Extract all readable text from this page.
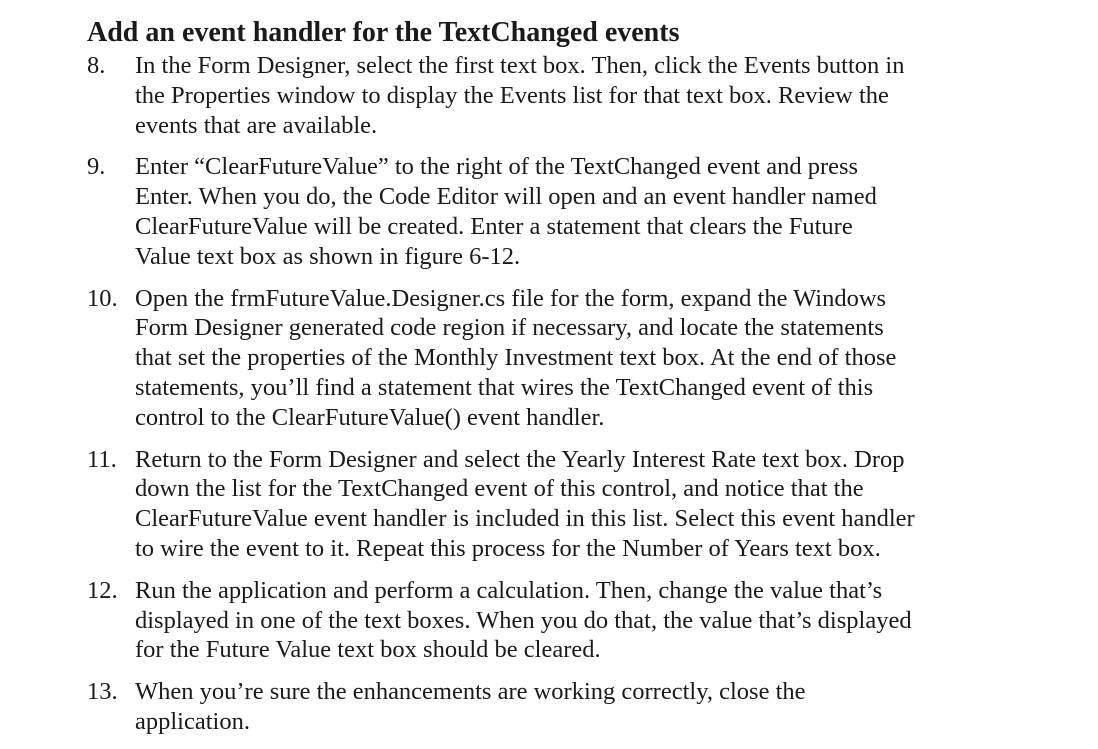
Add an event handler for the TextChanged events
8. In the Form Designer, select the first text box. Then, click the Events button in
the Properties window to display the Events list for that text box. Review the
events that are available.
9. Enter “ClearFutureValue” to the right of the TextChanged event and press
Enter. When you do, the Code Editor will open and an event handler named
ClearFutureValue will be created. Enter a statement that clears the Future
Value text box as shown in figure 6-12.
10. Open the frmFutureValue.Designer.cs file for the form, expand the Windows
Form Designer generated code region if necessary, and locate the statements
that set the properties of the Monthly Investment text box. At the end of those
statements, you’ll find a statement that wires the TextChanged event of this
control to the ClearFutureValue() event handler.
11. Return to the Form Designer and select the Yearly Interest Rate text box. Drop
down the list for the TextChanged event of this control, and notice that the
ClearFutureValue event handler is included in this list. Select this event handler
to wire the event to it. Repeat this process for the Number of Years text box.
12. Run the application and perform a calculation. Then, change the value that’s
displayed in one of the text boxes. When you do that, the value that’s displayed
for the Future Value text box should be cleared.
13. When you’re sure the enhancements are working correctly, close the
application.
